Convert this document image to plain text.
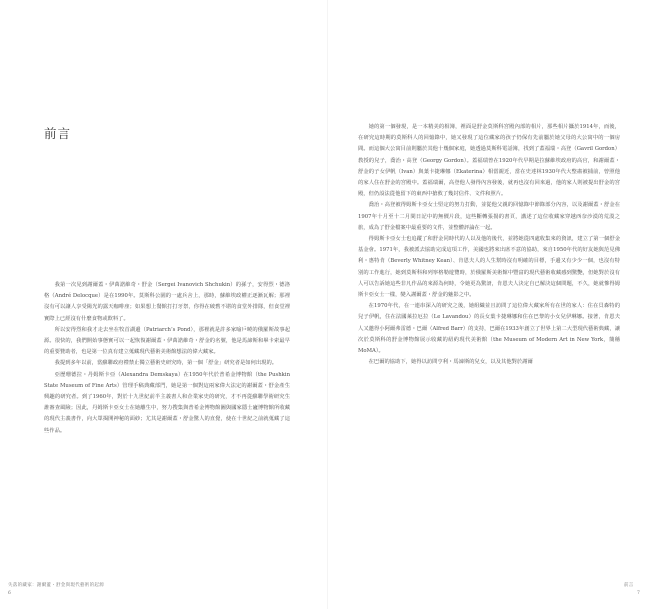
前言

我第一次见到謝爾蓋・伊萬諾維奇・舒金（Sergei Ivanovich Shchukin）的孫子，安得烈・德洛格（André Delocque）是在1990年。莫斯科公園的一處兵舍上，那時，蘇維埃政權正逐漸瓦解；那裡沒有可以讓人享受陽光的露天咖啡座；如果想上餐館打打牙祭，你得在破舊不堪的食堂外排隊，但食堂裡實際上已經沒有什麼食物或飲料了。

所以安得烈和我才走去坐在牧首湖邊（Patriarch’s Pond），那裡就是許多家喻戶曉的俄羅斯故事起源。很快的，我們開始事態實可以一起恢復謝爾蓋・伊萬諾維奇・舒金的名號，他是馬諦斯和畢卡索最早的重要贊助者，也是第一位真有建立蒐藏現代藝術美術館想法的偉大藏家。

我提到多年以前，當蘇聯政府禮禁止獨立藝術史研究時，第一個「舒金」研究者是如何出現的。

亞歷珊德拉・丹姆斯卡亞（Alexandra Demskaya）在1950年代於普希金博物館（the Pushkin State Museum of Fine Arts）管理手稿典藏部門，她是第一個對這兩家偉大法定的謝爾蓋・舒金產生興趣的研究者。到了1960年，對於十九世紀前半主義書人和企業家史的研究，才不再從蘇聯學術研究生誰審查風險；因此，丹姆斯卡亞女士在她離生中，努力搜集與普希金博物館圖與國家隱士廬博物館所收藏的現代主義書作，向大眾揭開神秘的面紗；尤其是謝爾蓋・舒金驚人的直覺，使在十世紀之前就蒐藏了這些作品。

失落的藏家：謝爾蓋・舒金與現代藝術的起源
6

她的第一個發現，是一本精美的相簿，裡面是舒金莫斯科宮殿內部的相片，那些相片攝於1914年，而後，在研究這時期的莫斯科人的回憶錄中，她又發現了這位藏家的孩子仍保有先前屬於她父母的大公寓中的一個房間。而這個大公寓目前則屬於其他十幾個家庭，她透過莫斯科電話簿，找到了蓋福瑞・高登（Gavril Gordon）教授的兒子，喬治・高登（Georgy Gordon）。蓋福瑞曾在1920年代早期是拉蘇維埃政府的高官，和謝爾蓋・舒金的子女伊帆（Ivan）與葉卡捷琳娜（Ekaterina）相當親近，當在史達林1930年代大整肅被捕前，曾照他的家人住在舒金的宮殿中。蓋福瑞爾，高登他人發得內容發後，就再也沒有回來過，他的家人則被提出舒金的宮殿，但仍設法從他留下的東西中搶救了幾封信件、文件和照片。

喬治・高登被得姆斯卡亞女士堅定的努力打動，並從他父親的回憶錄中節錄部分內容，以及謝爾蓋・舒金在1907年十月至十二月間日記中的無價片段，這些斷轉張揚的書頁，講述了這位收藏家穿越西奈沙漠的荒漠之旅，成為了舒金檔案中最重要的文件，並整體評論在一起。

得姆斯卡亞女士也追蹤了和舒金同時代的人以及他的後代，並將她從四處收集來的資訊，建立了第一個舒金基金會。1971年，我被派去協助完成這項工作，美國也將來出席不意的協助，來自1950年代的好友她與范見佛利・惠特肯（Beverly Whitney Kean）、肯恩夫人的人生幫時沒有明確的目標，手邊又有少少一個，也沒有特別的工作進行，她到莫斯科和列寧格勒遊覽時，於俄羅斯美術館中豐富的現代藝術收藏感到驚艷，但她對於沒有人可以告訴她這些非凡作品的來源為何時，令她更為驚訝，肯恩夫人決定自已解決這個問題，不久，她就慘得姆斯卡亞女士一樣，變入謝爾蓋・舒金的魅影之中。

在1970年代，在一連串深入的研究之後，她組織並且訪問了這位偉大藏家所有在世的家人：住在貝森特的兒子伊帆，住在法國萊拉厄拉（Le Lavandou）的長女葉卡捷琳娜和住在巴黎的小女兒伊琳娜。接著，肯恩夫人又邀得小阿爾弗雷德・巴爾（Alfred Barr）的支持，巴爾在1933年創立了世界上第二大型現代藝術典藏，讓次於莫斯科的舒金博物館展示收藏的紐約現代美術館（the Museum of Modern Art in New York，簡稱MoMA）。

在巴爾的協助下，她得以訪問亨利・馬諦斯的兒女，以及其他對於謝爾

前言
7
